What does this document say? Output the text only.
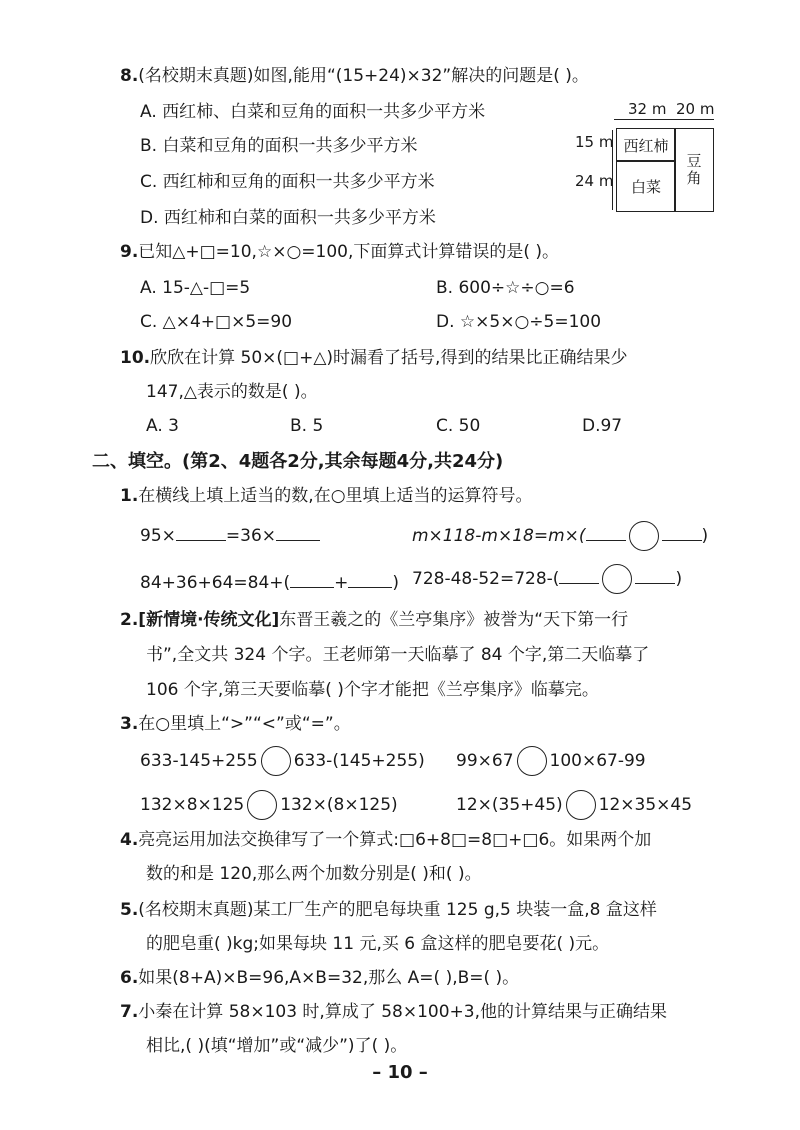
8.(名校期末真题)如图,能用“(15+24)×32”解决的问题是( )。
A. 西红柿、白菜和豆角的面积一共多少平方米
B. 白菜和豆角的面积一共多少平方米
C. 西红柿和豆角的面积一共多少平方米
D. 西红柿和白菜的面积一共多少平方米
32 m 20 m
15 m
24 m
西红柿
白菜 豆角
9.已知△+□=10,☆×○=100,下面算式计算错误的是( )。
A. 15-△-□=5	B. 600÷☆÷○=6
C. △×4+□×5=90	D. ☆×5×○÷5=100
10.欣欣在计算 50×(□+△)时漏看了括号,得到的结果比正确结果少
147,△表示的数是( )。
A. 3	B. 5	C. 50	D.97
二、填空。(第2、4题各2分,其余每题4分,共24分)
1.在横线上填上适当的数,在○里填上适当的运算符号。
95×	=36×	m×118-m×18=m×(	)
84+36+64=84+(	+	) 728-48-52=728-(	)
2.[新情境·传统文化]东晋王羲之的《兰亭集序》被誉为“天下第一行
书”,全文共 324 个字。王老师第一天临摹了 84 个字,第二天临摹了
106 个字,第三天要临摹( )个字才能把《兰亭集序》临摹完。
3.在○里填上“>”“<”或“=”。
633-145+255 633-(145+255) 99×67 100×67-99
132×8×125 132×(8×125)	12×(35+45) 12×35×45
4.亮亮运用加法交换律写了一个算式:□6+8□=8□+□6。如果两个加
数的和是 120,那么两个加数分别是( )和( )。
5.(名校期末真题)某工厂生产的肥皂每块重 125 g,5 块装一盒,8 盒这样
的肥皂重( )kg;如果每块 11 元,买 6 盒这样的肥皂要花( )元。
6.如果(8+A)×B=96,A×B=32,那么 A=( ),B=( )。
7.小秦在计算 58×103 时,算成了 58×100+3,他的计算结果与正确结果
相比,( )(填“增加”或“减少”)了( )。
– 10 –
